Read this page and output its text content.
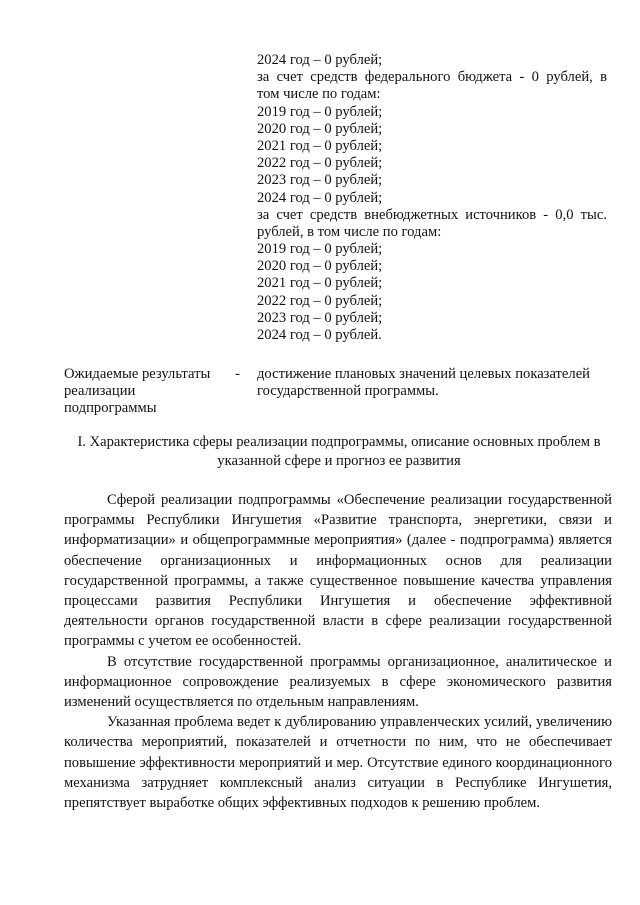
2024 год – 0 рублей;
за счет средств федерального бюджета - 0 рублей, в
том числе по годам:
2019 год – 0 рублей;
2020 год – 0 рублей;
2021 год – 0 рублей;
2022 год – 0 рублей;
2023 год – 0 рублей;
2024 год – 0 рублей;
за счет средств внебюджетных источников - 0,0 тыс.
рублей, в том числе по годам:
2019 год – 0 рублей;
2020 год – 0 рублей;
2021 год – 0 рублей;
2022 год – 0 рублей;
2023 год – 0 рублей;
2024 год – 0 рублей.
Ожидаемые результаты -
реализации
подпрограммы
достижение плановых значений целевых показателей государственной программы.
I. Характеристика сферы реализации подпрограммы, описание основных проблем в
указанной сфере и прогноз ее развития

Сферой реализации подпрограммы «Обеспечение реализации государственной программы Республики Ингушетия «Развитие транспорта, энергетики, связи и информатизации» и общепрограммные мероприятия» (далее - подпрограмма) является обеспечение организационных и информационных основ для реализации государственной программы, а также существенное повышение качества управления процессами развития Республики Ингушетия и обеспечение эффективной деятельности органов государственной власти в сфере реализации государственной программы с учетом ее особенностей.

В отсутствие государственной программы организационное, аналитическое и информационное сопровождение реализуемых в сфере экономического развития изменений осуществляется по отдельным направлениям.

Указанная проблема ведет к дублированию управленческих усилий, увеличению количества мероприятий, показателей и отчетности по ним, что не обеспечивает повышение эффективности мероприятий и мер. Отсутствие единого координационного механизма затрудняет комплексный анализ ситуации в Республике Ингушетия, препятствует выработке общих эффективных подходов к решению проблем.
